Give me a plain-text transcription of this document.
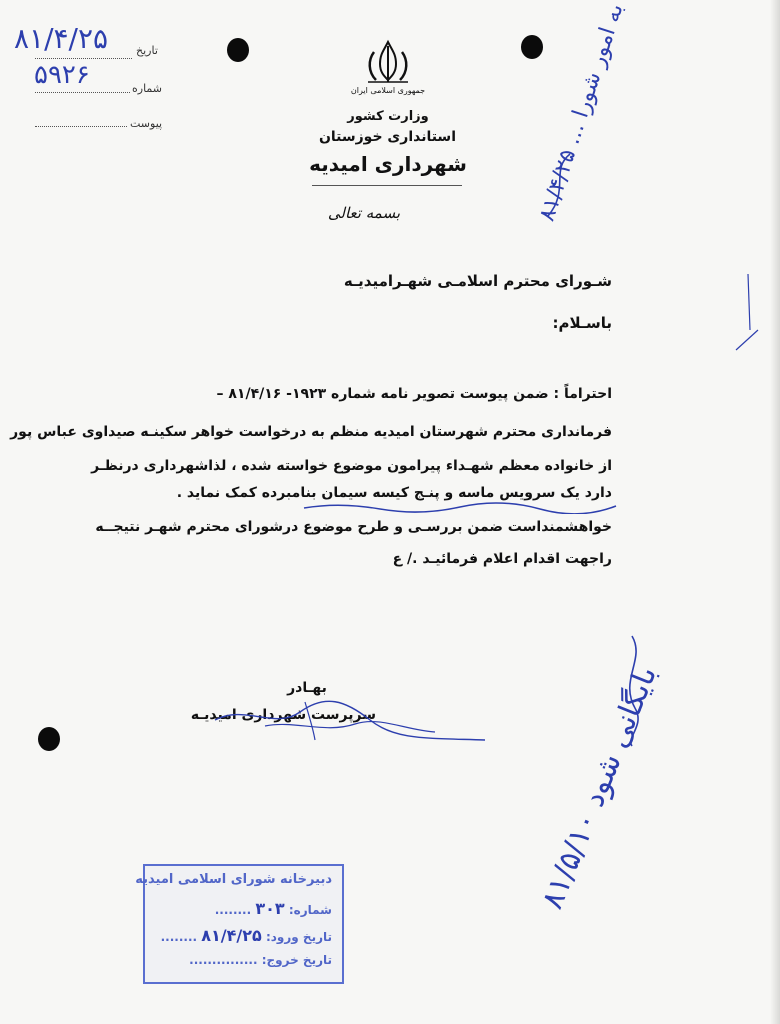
تاریخ
۸۱/۴/۲۵
شماره
۵۹۲۶
پیوست
جمهوری اسلامی ایران
وزارت کشور
استانداری خوزستان
شهرداری امیدیه
بسمه تعالی
شـورای محترم اسلامـی شهـرامیدیـه
باسـلام:
احتراماً : ضمن پیوست تصویر نامه شماره ۱۹۲۳- ۸۱/۴/۱۶ –
فرمانداری محترم شهرستان امیدیه منظم به درخواست خواهر سکینـه صیداوی عباس پور
از خانواده معظم شهـداء پیرامون موضوع خواسته شده ، لذاشهرداری درنظـر
دارد یک سرویس ماسه و پنـج کیسه سیمان بنامبرده کمک نماید .
خواهشمنداست ضمن بررسـی و طرح موضوع درشورای محترم شهـر نتیجــه
راجهت اقدام اعلام فرمائیـد ./ ع
بهـادر
سرپرست شهرداری امیدیـه
به امور شورا ... ۸۱/۴/۲۵
بایگانی شود ۸۱/۵/۱۰
دبیرخانه شورای اسلامی امیدیه
شماره: ۳۰۳ ........
تاریخ ورود: ۸۱/۴/۲۵ ........
تاریخ خروج: ...............
